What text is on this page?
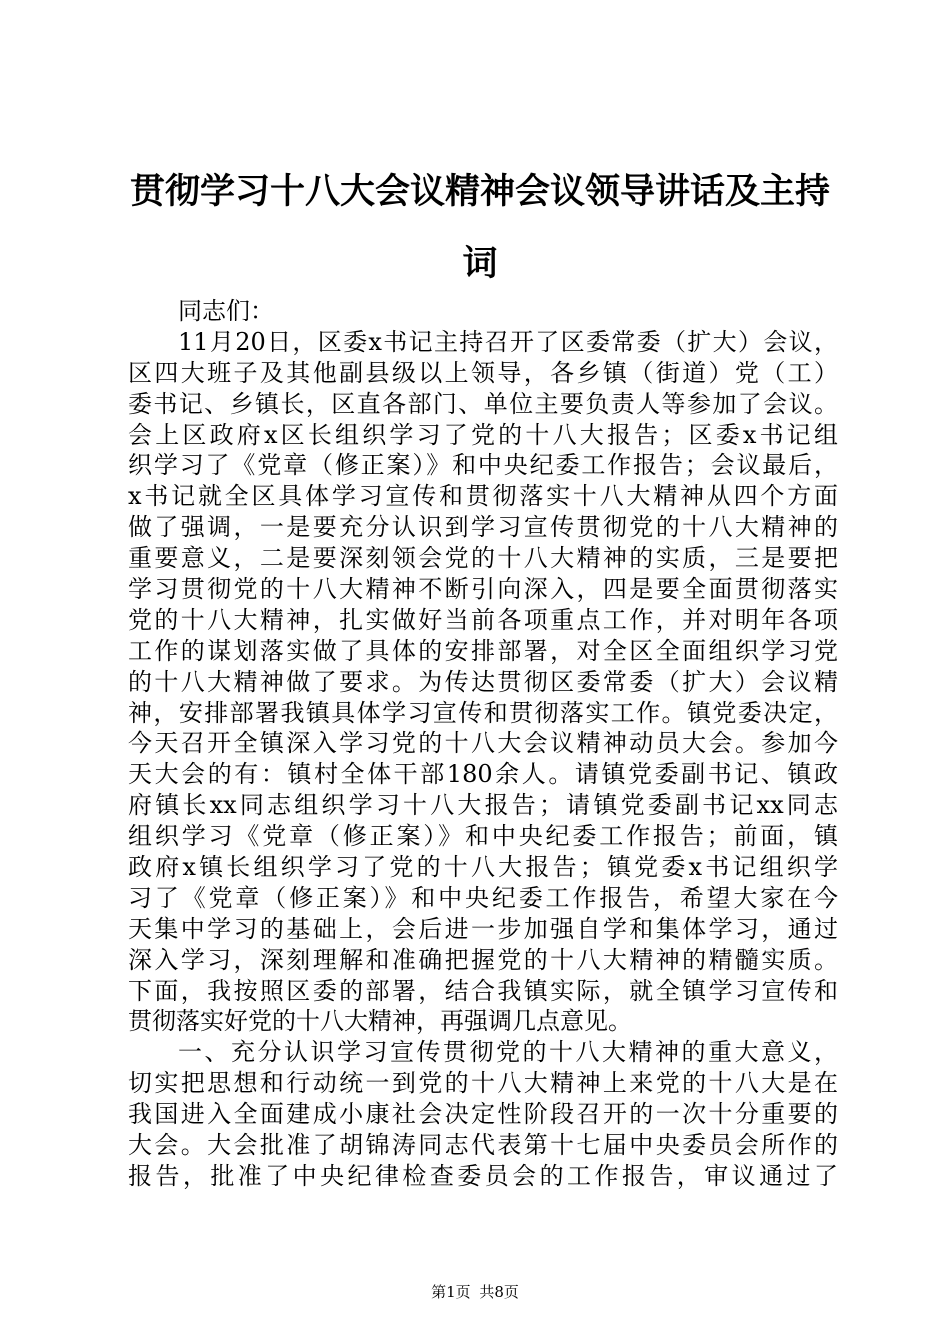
贯彻学习十八大会议精神会议领导讲话及主持
词
同志们：
11月20日，区委x书记主持召开了区委常委（扩大）会议，
区四大班子及其他副县级以上领导，各乡镇（街道）党（工）
委书记、乡镇长，区直各部门、单位主要负责人等参加了会议。
会上区政府x区长组织学习了党的十八大报告；区委x书记组
织学习了《党章（修正案）》和中央纪委工作报告；会议最后，
x书记就全区具体学习宣传和贯彻落实十八大精神从四个方面
做了强调，一是要充分认识到学习宣传贯彻党的十八大精神的
重要意义，二是要深刻领会党的十八大精神的实质，三是要把
学习贯彻党的十八大精神不断引向深入，四是要全面贯彻落实
党的十八大精神，扎实做好当前各项重点工作，并对明年各项
工作的谋划落实做了具体的安排部署，对全区全面组织学习党
的十八大精神做了要求。为传达贯彻区委常委（扩大）会议精
神，安排部署我镇具体学习宣传和贯彻落实工作。镇党委决定，
今天召开全镇深入学习党的十八大会议精神动员大会。参加今
天大会的有：镇村全体干部180余人。请镇党委副书记、镇政
府镇长xx同志组织学习十八大报告；请镇党委副书记xx同志
组织学习《党章（修正案）》和中央纪委工作报告；前面，镇
政府x镇长组织学习了党的十八大报告；镇党委x书记组织学
习了《党章（修正案）》和中央纪委工作报告，希望大家在今
天集中学习的基础上，会后进一步加强自学和集体学习，通过
深入学习，深刻理解和准确把握党的十八大精神的精髓实质。
下面，我按照区委的部署，结合我镇实际，就全镇学习宣传和
贯彻落实好党的十八大精神，再强调几点意见。
一、充分认识学习宣传贯彻党的十八大精神的重大意义，
切实把思想和行动统一到党的十八大精神上来党的十八大是在
我国进入全面建成小康社会决定性阶段召开的一次十分重要的
大会。大会批准了胡锦涛同志代表第十七届中央委员会所作的
报告，批准了中央纪律检查委员会的工作报告，审议通过了
第1页 共8页
